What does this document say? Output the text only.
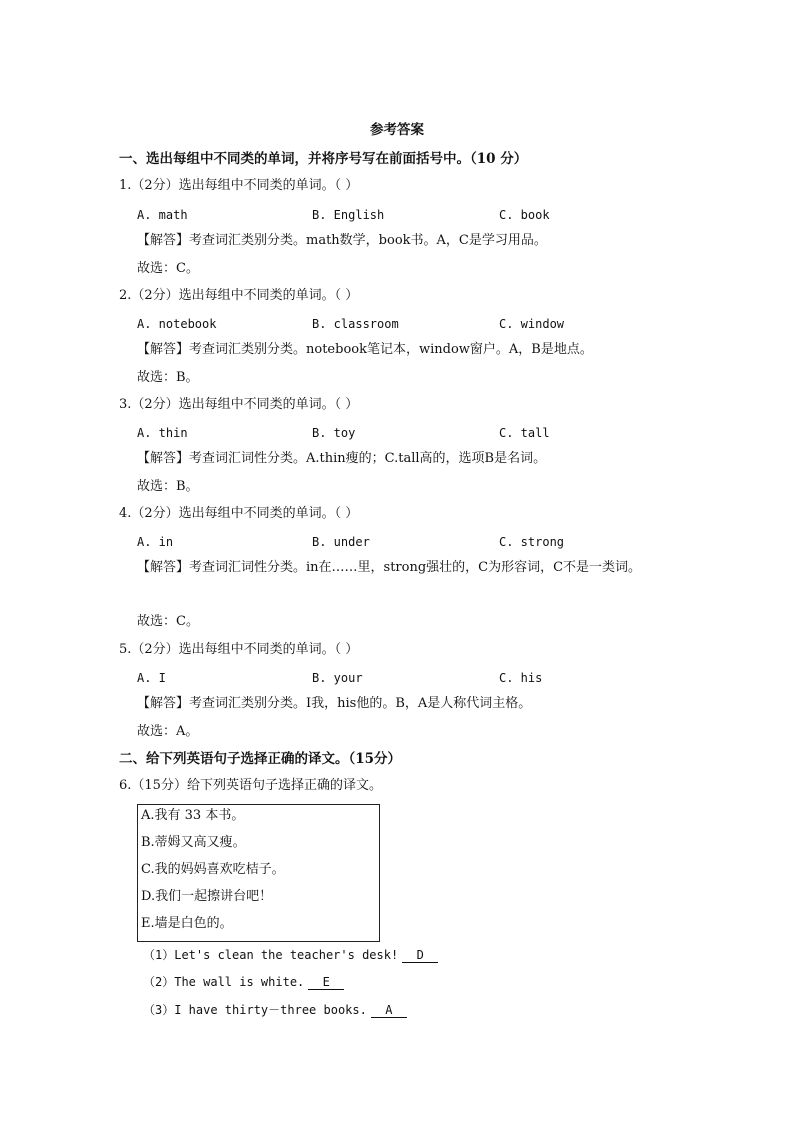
参考答案
一、选出每组中不同类的单词，并将序号写在前面括号中。（10 分）
1.（2分）选出每组中不同类的单词。（ ）
A. math	B. English	C. book
【解答】考查词汇类别分类。math数学，book书。A，C是学习用品。
故选：C。
2.（2分）选出每组中不同类的单词。（ ）
A. notebook	B. classroom	C. window
【解答】考查词汇类别分类。notebook笔记本，window窗户。A，B是地点。
故选：B。
3.（2分）选出每组中不同类的单词。（ ）
A. thin	B. toy	C. tall
【解答】考查词汇词性分类。A.thin瘦的；C.tall高的，选项B是名词。
故选：B。
4.（2分）选出每组中不同类的单词。（ ）
A. in	B. under	C. strong
【解答】考查词汇词性分类。in在……里，strong强壮的，C为形容词，C不是一类词。
故选：C。
5.（2分）选出每组中不同类的单词。（ ）
A. I	B. your	C. his
【解答】考查词汇类别分类。I我，his他的。B，A是人称代词主格。
故选：A。
二、给下列英语句子选择正确的译文。（15分）
6.（15分）给下列英语句子选择正确的译文。
A.我有 33 本书。
B.蒂姆又高又瘦。
C.我的妈妈喜欢吃桔子。
D.我们一起擦讲台吧！
E.墙是白色的。
（1）Let's clean the teacher's desk! D
（2）The wall is white. E
（3）I have thirty－three books. A
